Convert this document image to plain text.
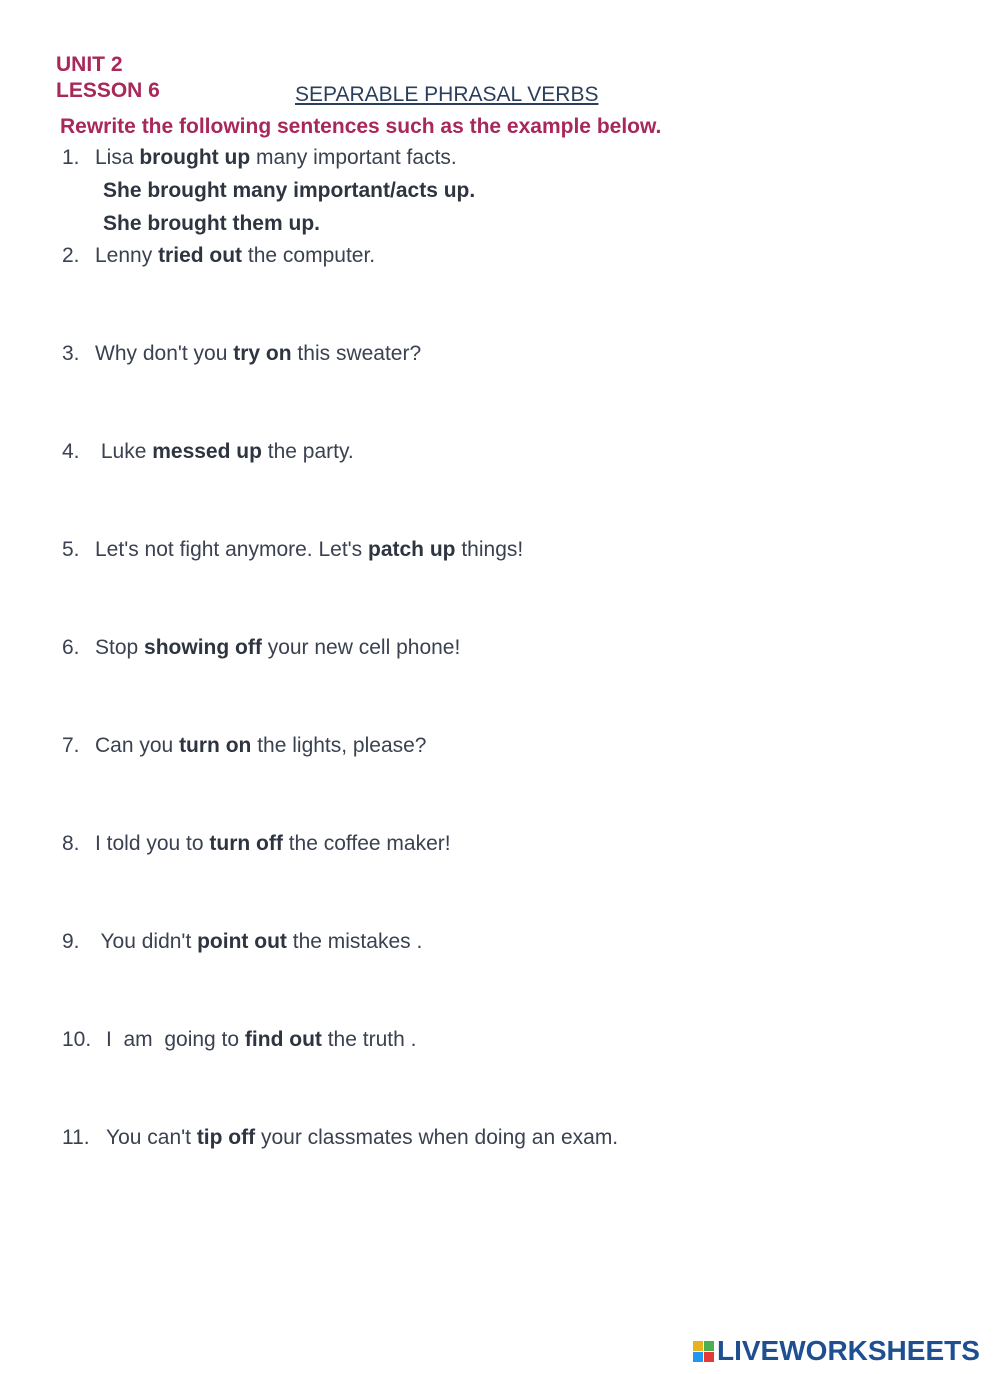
UNIT 2
LESSON 6	SEPARABLE PHRASAL VERBS
Rewrite the following sentences such as the example below.
1. Lisa brought up many important facts.
She brought many important/acts up.
She brought them up.
2. Lenny tried out the computer.
3. Why don't you try on this sweater?
4. Luke messed up the party.
5. Let's not fight anymore. Let's patch up things!
6. Stop showing off your new cell phone!
7. Can you turn on the lights, please?
8. I told you to turn off the coffee maker!
9. You didn't point out the mistakes .
10. I  am  going to find out the truth .
11. You can't tip off your classmates when doing an exam.
LIVEWORKSHEETS
